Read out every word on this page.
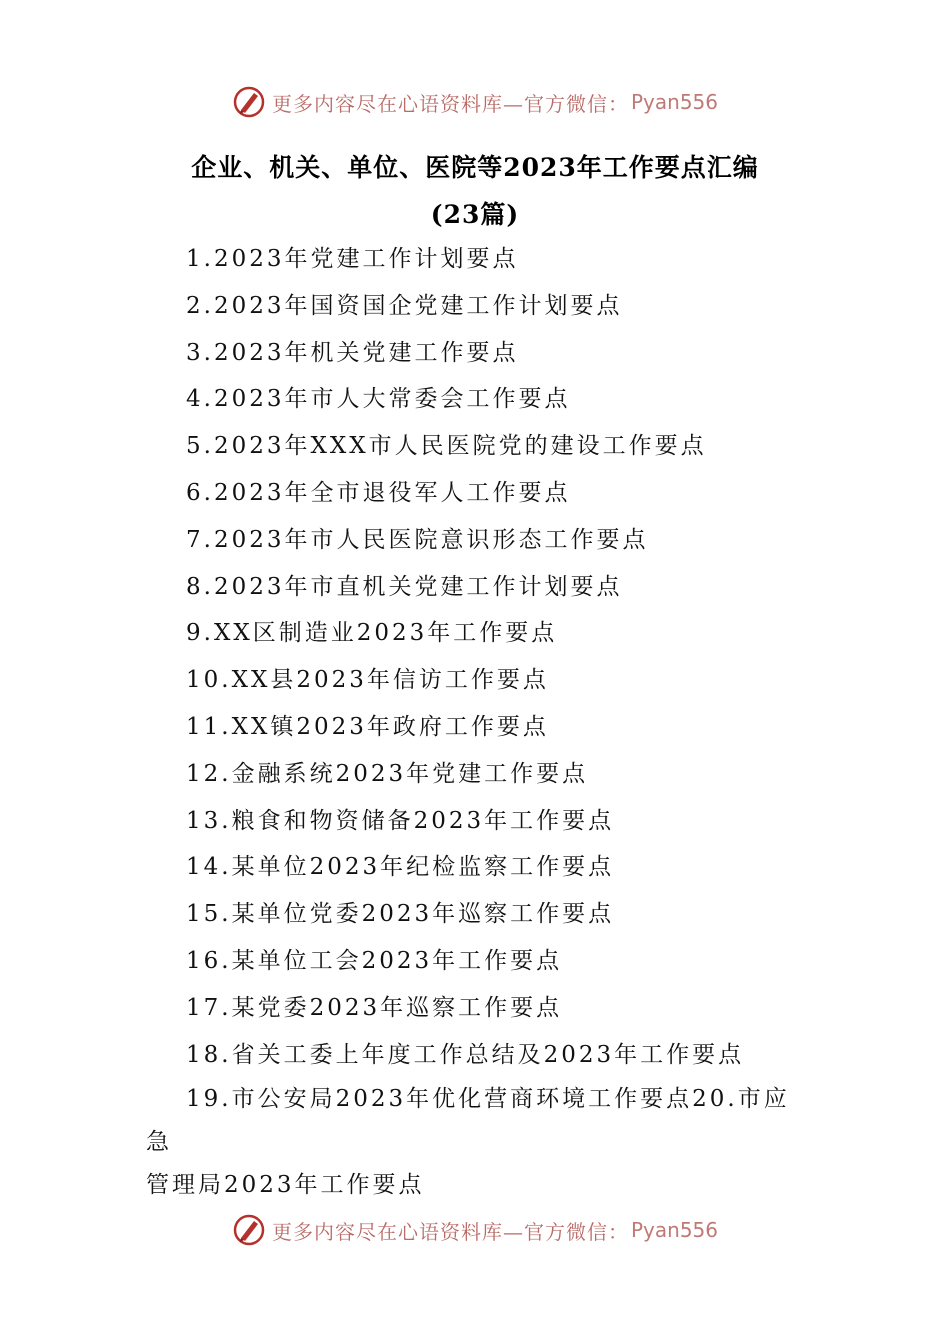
更多内容尽在心语资料库—官方微信： Pyan556
企业、机关、单位、医院等2023年工作要点汇编
(23篇)
1.2023年党建工作计划要点
2.2023年国资国企党建工作计划要点
3.2023年机关党建工作要点
4.2023年市人大常委会工作要点
5.2023年XXX市人民医院党的建设工作要点
6.2023年全市退役军人工作要点
7.2023年市人民医院意识形态工作要点
8.2023年市直机关党建工作计划要点
9.XX区制造业2023年工作要点
10.XX县2023年信访工作要点
11.XX镇2023年政府工作要点
12.金融系统2023年党建工作要点
13.粮食和物资储备2023年工作要点
14.某单位2023年纪检监察工作要点
15.某单位党委2023年巡察工作要点
16.某单位工会2023年工作要点
17.某党委2023年巡察工作要点
18.省关工委上年度工作总结及2023年工作要点
19.市公安局2023年优化营商环境工作要点20.市应急
管理局2023年工作要点
更多内容尽在心语资料库—官方微信： Pyan556
